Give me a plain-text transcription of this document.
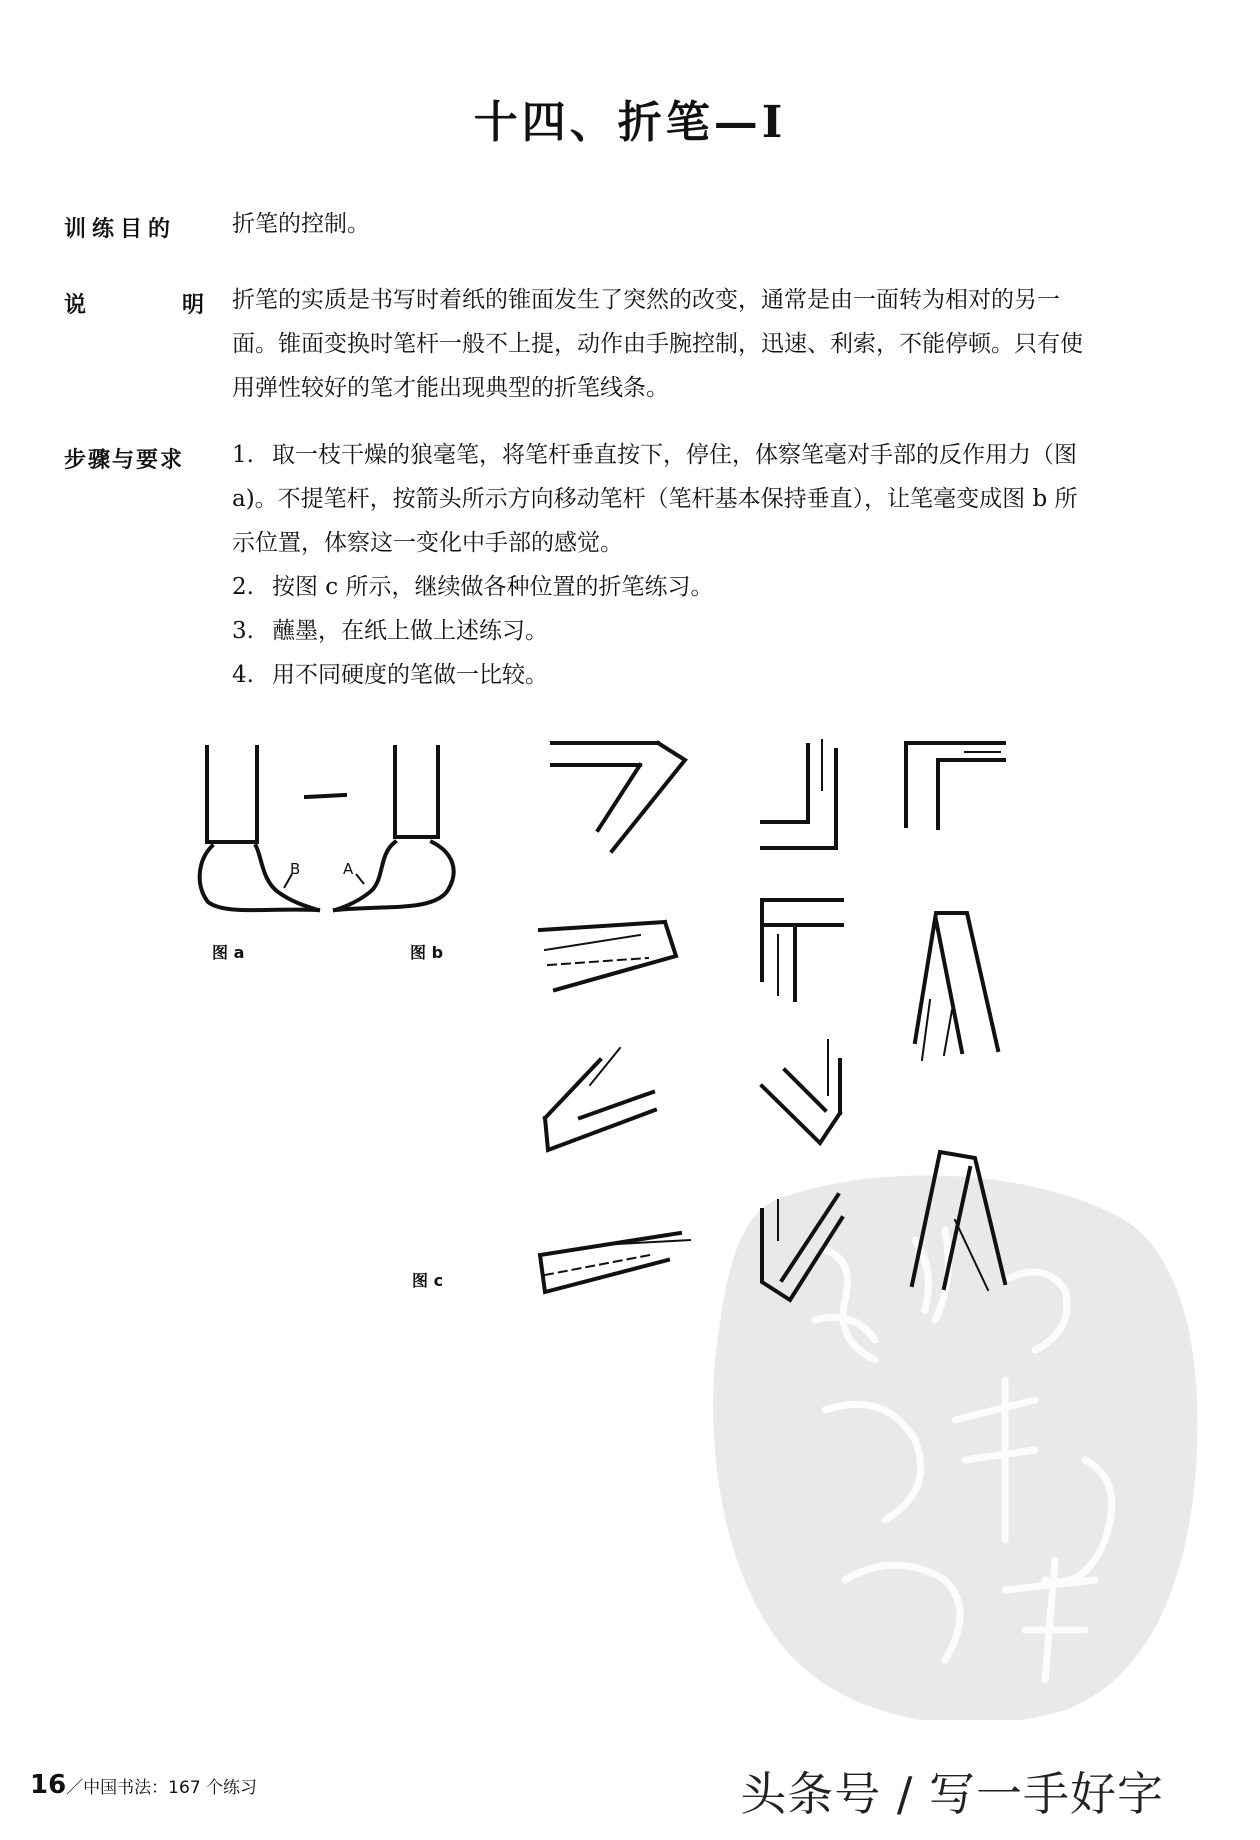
十四、折笔—Ⅰ
训练目的 折笔的控制。
说	明 折笔的实质是书写时着纸的锥面发生了突然的改变，通常是由一面转为相对的另一
面。锥面变换时笔杆一般不上提，动作由手腕控制，迅速、利索，不能停顿。只有使
用弹性较好的笔才能出现典型的折笔线条。
步骤与要求 1. 取一枝干燥的狼毫笔，将笔杆垂直按下，停住，体察笔毫对手部的反作用力（图
a)。不提笔杆，按箭头所示方向移动笔杆（笔杆基本保持垂直），让笔毫变成图 b 所
示位置，体察这一变化中手部的感觉。
2. 按图 c 所示，继续做各种位置的折笔练习。
3. 蘸墨，在纸上做上述练习。
4. 用不同硬度的笔做一比较。
B	A
图 a	图 b
图 c
16／中国书法：167 个练习	头条号 / 写一手好字
